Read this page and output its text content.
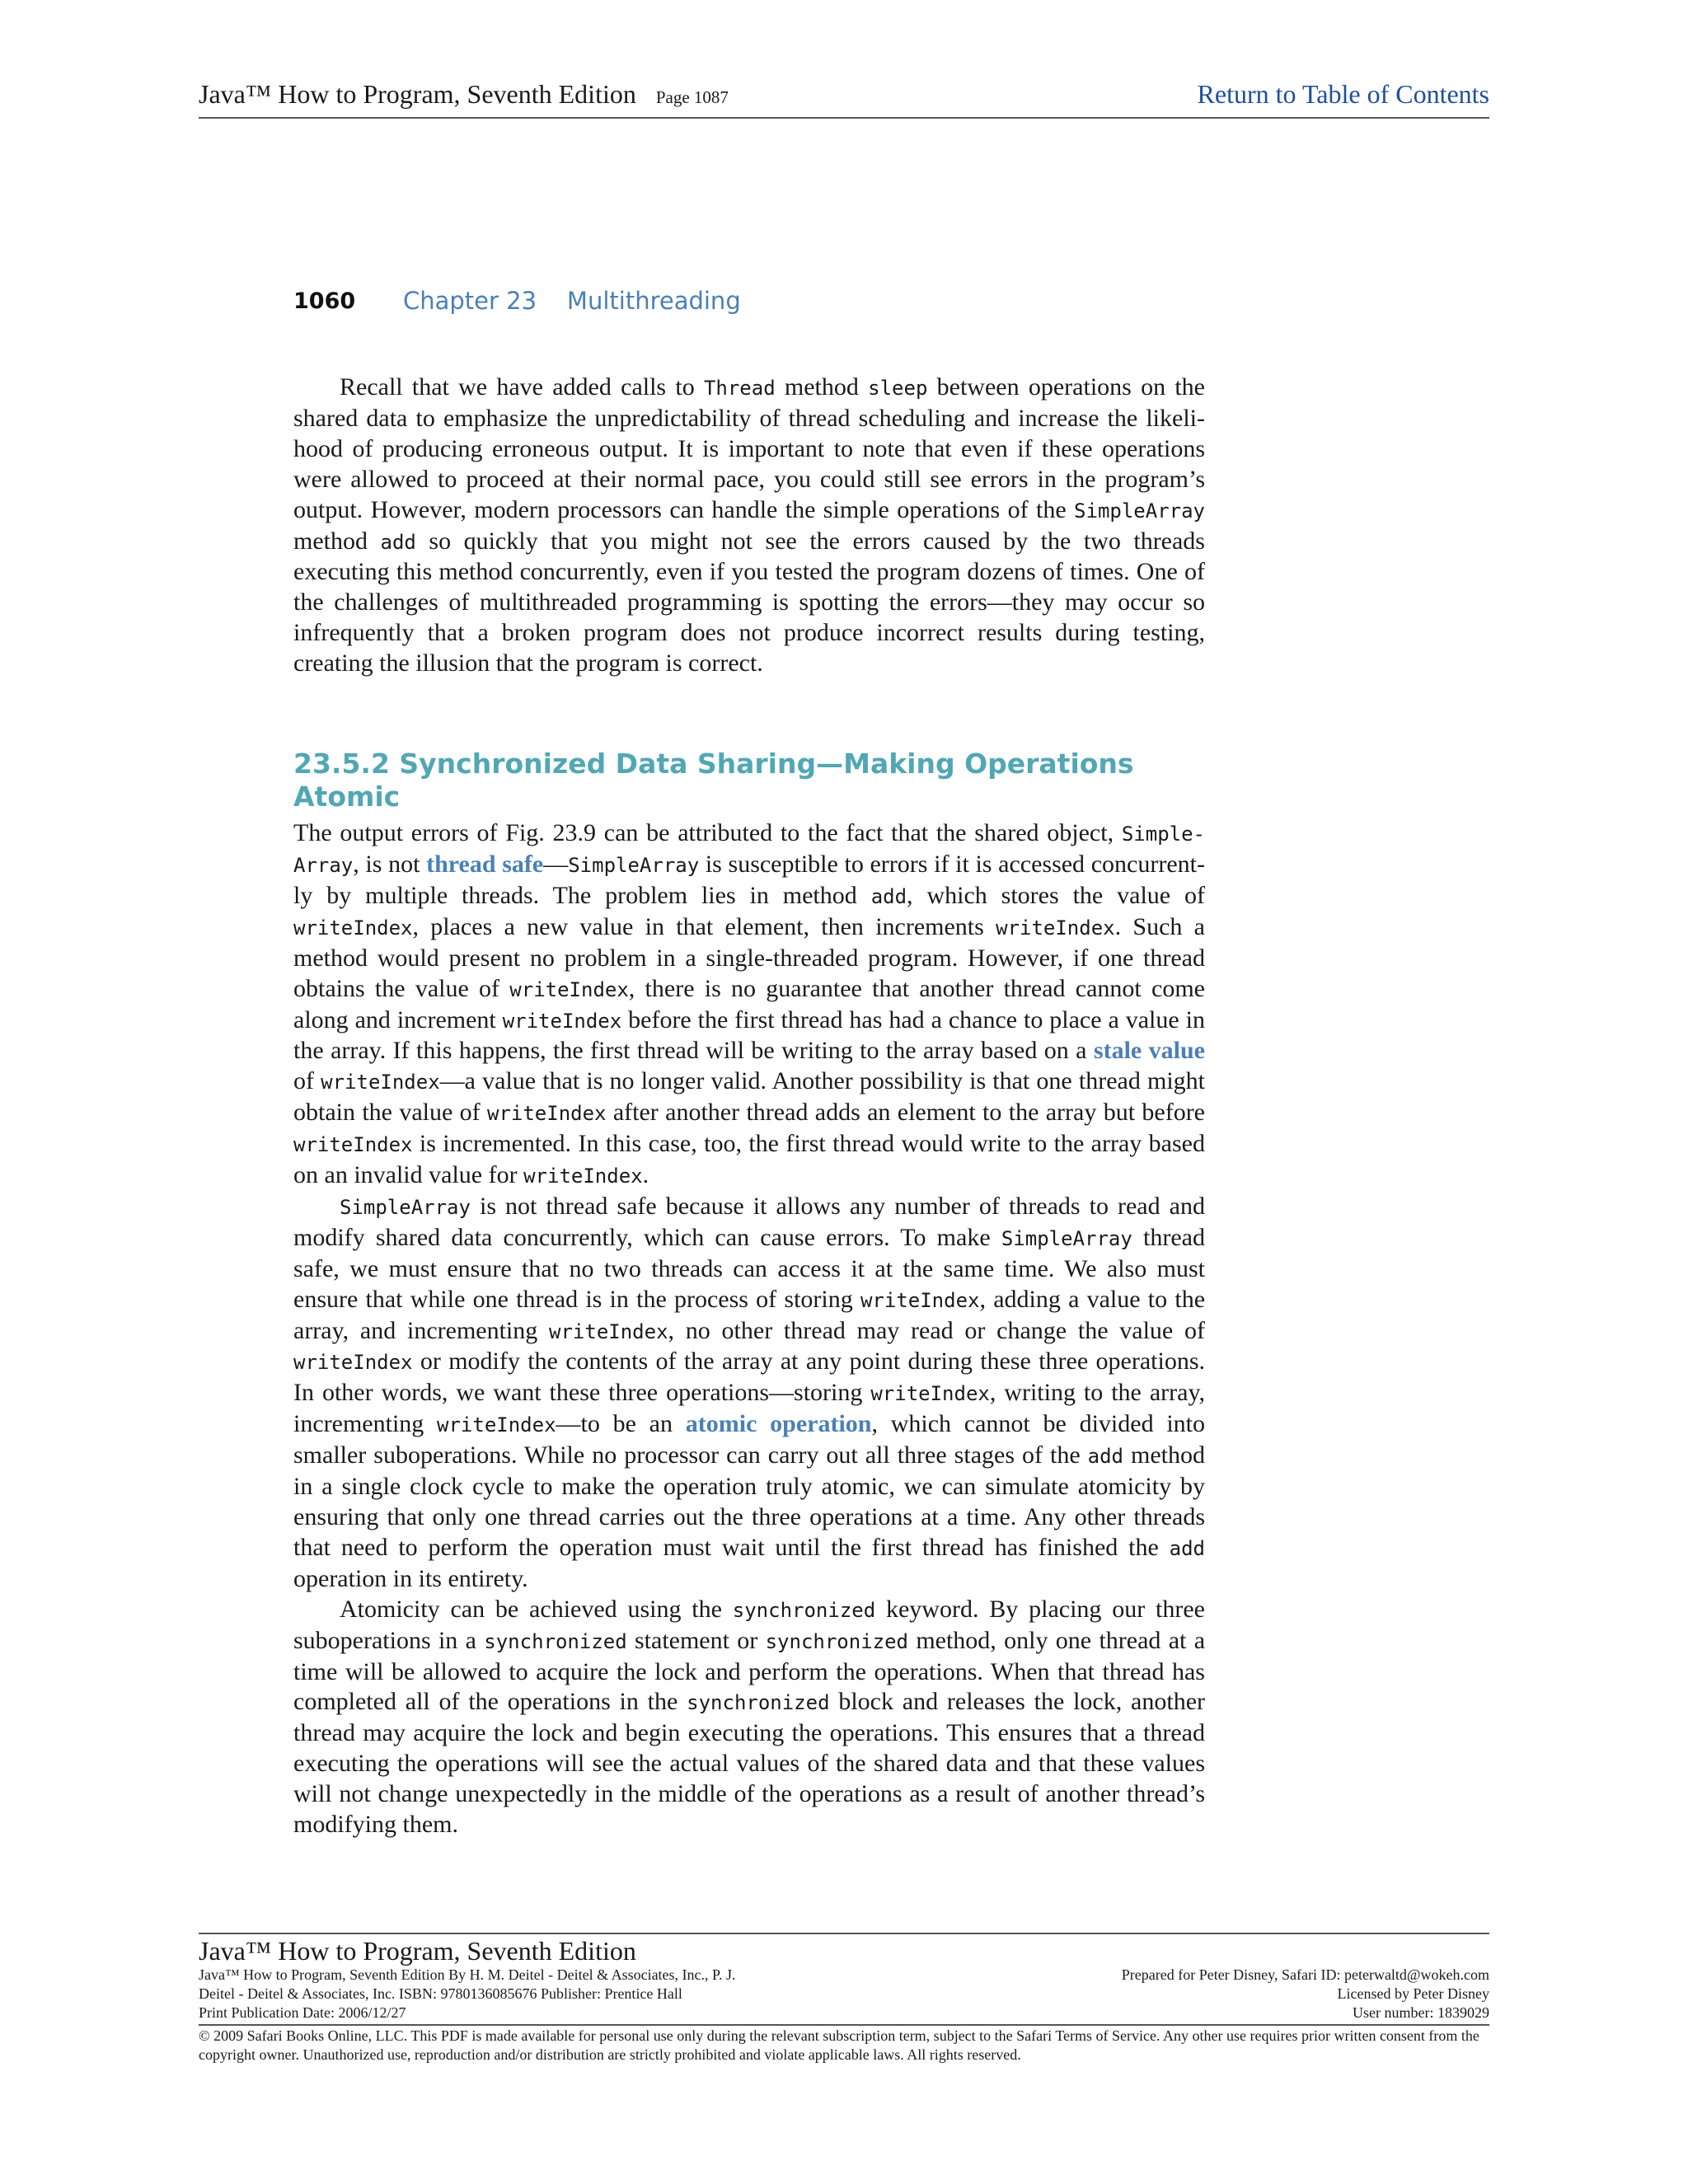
Java™ How to Program, Seventh Edition Page 1087	Return to Table of Contents
1060 Chapter 23    Multithreading

Recall that we have added calls to Thread method sleep between operations on the shared data to emphasize the unpredictability of thread scheduling and increase the likelihood of producing erroneous output. It is important to note that even if these operations were allowed to proceed at their normal pace, you could still see errors in the program’s output. However, modern processors can handle the simple operations of the SimpleArray method add so quickly that you might not see the errors caused by the two threads executing this method concurrently, even if you tested the program dozens of times. One of the challenges of multithreaded programming is spotting the errors—they may occur so infrequently that a broken program does not produce incorrect results during testing, creating the illusion that the program is correct.

23.5.2 Synchronized Data Sharing—Making Operations Atomic

The output errors of Fig. 23.9 can be attributed to the fact that the shared object, SimpleArray, is not thread safe—SimpleArray is susceptible to errors if it is accessed concurrently by multiple threads. The problem lies in method add, which stores the value of writeIndex, places a new value in that element, then increments writeIndex. Such a method would present no problem in a single-threaded program. However, if one thread obtains the value of writeIndex, there is no guarantee that another thread cannot come along and increment writeIndex before the first thread has had a chance to place a value in the array. If this happens, the first thread will be writing to the array based on a stale value of writeIndex—a value that is no longer valid. Another possibility is that one thread might obtain the value of writeIndex after another thread adds an element to the array but before writeIndex is incremented. In this case, too, the first thread would write to the array based on an invalid value for writeIndex.

SimpleArray is not thread safe because it allows any number of threads to read and modify shared data concurrently, which can cause errors. To make SimpleArray thread safe, we must ensure that no two threads can access it at the same time. We also must ensure that while one thread is in the process of storing writeIndex, adding a value to the array, and incrementing writeIndex, no other thread may read or change the value of writeIndex or modify the contents of the array at any point during these three operations. In other words, we want these three operations—storing writeIndex, writing to the array, incrementing writeIndex—to be an atomic operation, which cannot be divided into smaller suboperations. While no processor can carry out all three stages of the add method in a single clock cycle to make the operation truly atomic, we can simulate atomicity by ensuring that only one thread carries out the three operations at a time. Any other threads that need to perform the operation must wait until the first thread has finished the add operation in its entirety.

Atomicity can be achieved using the synchronized keyword. By placing our three suboperations in a synchronized statement or synchronized method, only one thread at a time will be allowed to acquire the lock and perform the operations. When that thread has completed all of the operations in the synchronized block and releases the lock, another thread may acquire the lock and begin executing the operations. This ensures that a thread executing the operations will see the actual values of the shared data and that these values will not change unexpectedly in the middle of the operations as a result of another thread’s modifying them.

Java™ How to Program, Seventh Edition
Java™ How to Program, Seventh Edition By H. M. Deitel - Deitel & Associates, Inc., P. J.	Prepared for Peter Disney, Safari ID: peterwaltd@wokeh.com
Deitel - Deitel & Associates, Inc. ISBN: 9780136085676 Publisher: Prentice Hall	Licensed by Peter Disney
Print Publication Date: 2006/12/27	User number: 1839029
© 2009 Safari Books Online, LLC. This PDF is made available for personal use only during the relevant subscription term, subject to the Safari Terms of Service. Any other use requires prior written consent from the copyright owner. Unauthorized use, reproduction and/or distribution are strictly prohibited and violate applicable laws. All rights reserved.
